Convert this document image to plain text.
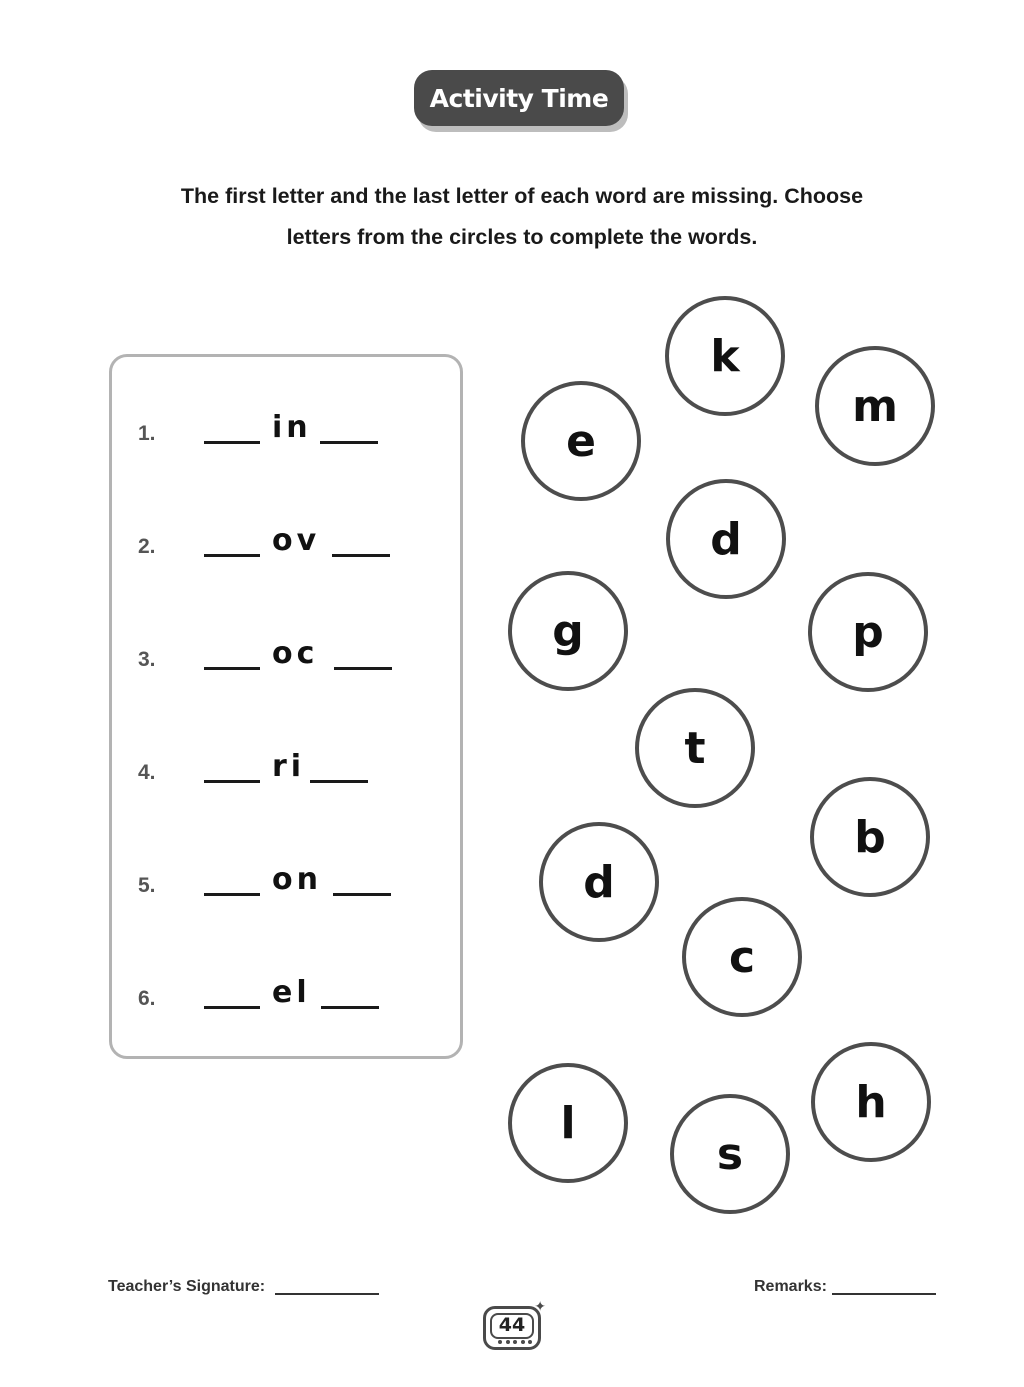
Activity Time
The first letter and the last letter of each word are missing. Choose
letters from the circles to complete the words.
1.	in
2.	ov
3.	oc
4.	ri
5.	on
6.	el
k
m
e
d
g	p
t
b
d
c
l	h
s
Teacher’s Signature:	Remarks:
44
✦
